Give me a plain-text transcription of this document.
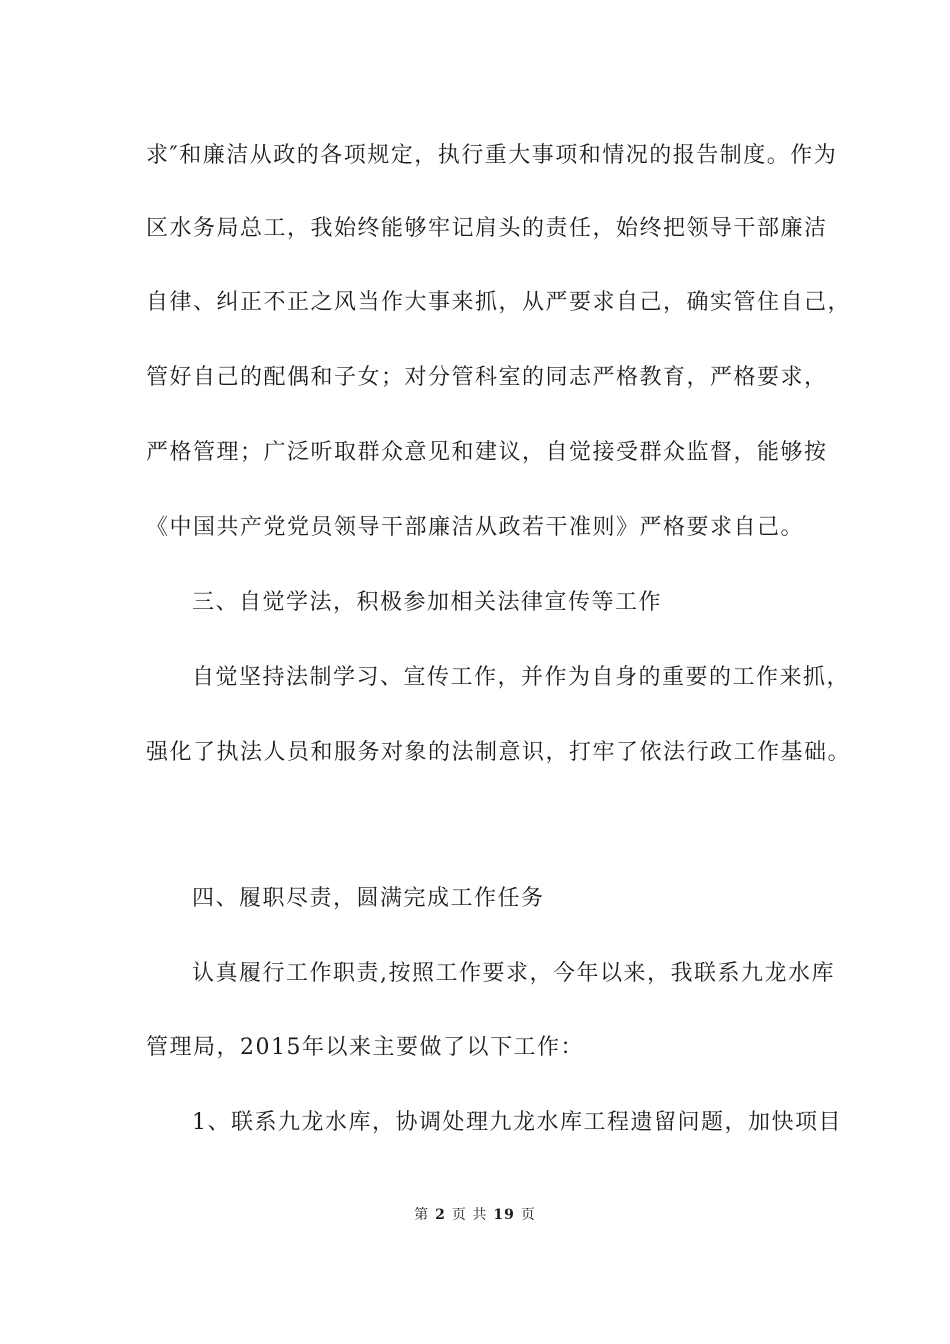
求″和廉洁从政的各项规定，执行重大事项和情况的报告制度。作为
区水务局总工，我始终能够牢记肩头的责任，始终把领导干部廉洁
自律、纠正不正之风当作大事来抓，从严要求自己，确实管住自己，
管好自己的配偶和子女；对分管科室的同志严格教育，严格要求，
严格管理；广泛听取群众意见和建议，自觉接受群众监督，能够按
《中国共产党党员领导干部廉洁从政若干准则》严格要求自己。
三、自觉学法，积极参加相关法律宣传等工作
自觉坚持法制学习、宣传工作，并作为自身的重要的工作来抓，
强化了执法人员和服务对象的法制意识，打牢了依法行政工作基础。
四、履职尽责，圆满完成工作任务
认真履行工作职责,按照工作要求，今年以来，我联系九龙水库
管理局，2015年以来主要做了以下工作：
1、联系九龙水库，协调处理九龙水库工程遗留问题，加快项目
第 2 页 共 19 页
